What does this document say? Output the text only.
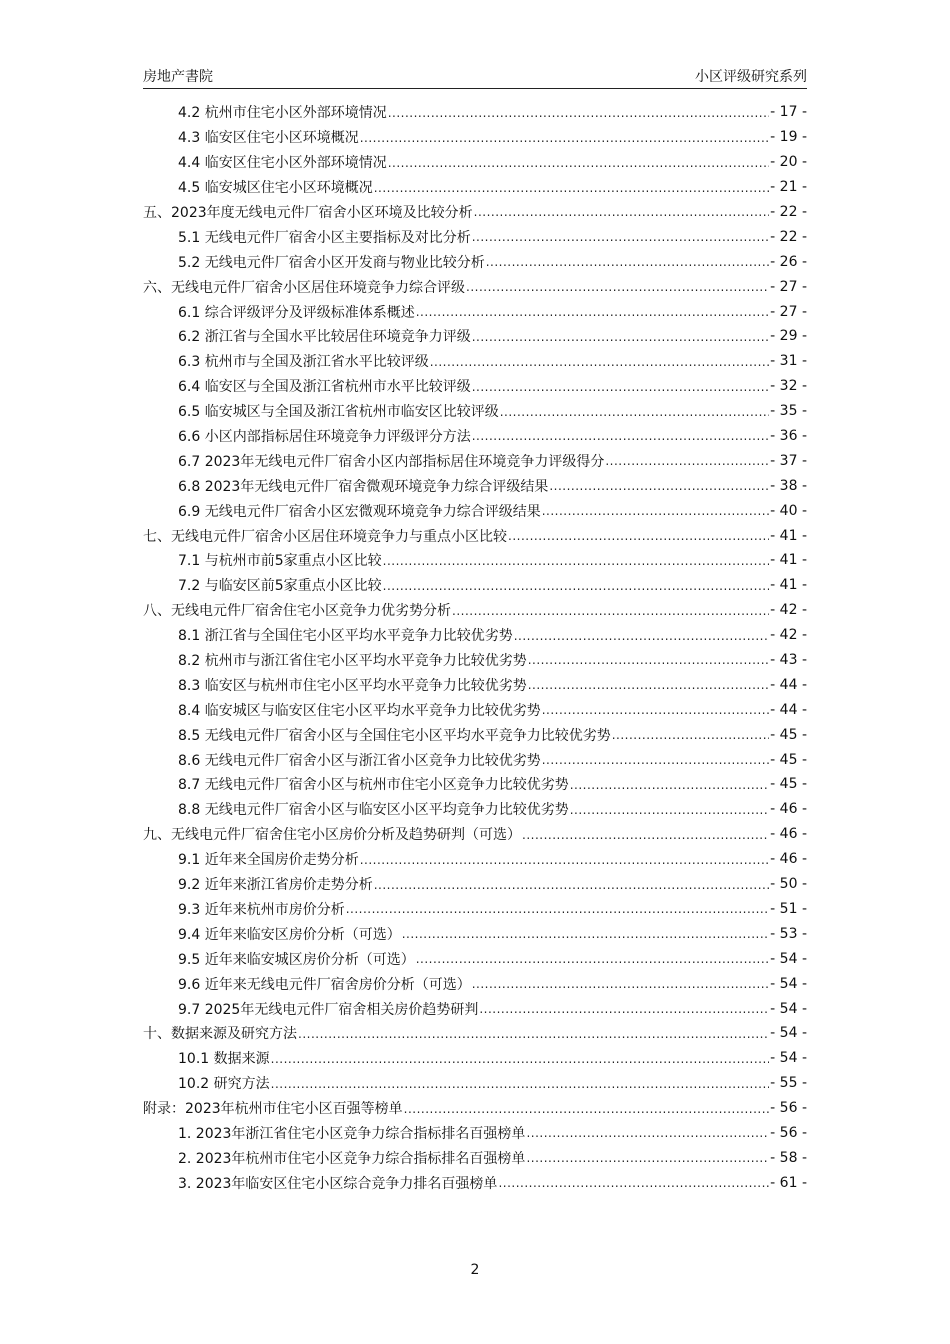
房地产書院	小区评级研究系列
4.2 杭州市住宅小区外部环境情况 .....	- 17 -
4.3 临安区住宅小区环境概况 .....	- 19 -
4.4 临安区住宅小区外部环境情况 .....	- 20 -
4.5 临安城区住宅小区环境概况 .....	- 21 -
五、2023年度无线电元件厂宿舍小区环境及比较分析 .....	- 22 -
5.1 无线电元件厂宿舍小区主要指标及对比分析 .....	- 22 -
5.2 无线电元件厂宿舍小区开发商与物业比较分析 .....	- 26 -
六、无线电元件厂宿舍小区居住环境竞争力综合评级 .....	- 27 -
6.1 综合评级评分及评级标准体系概述 .....	- 27 -
6.2 浙江省与全国水平比较居住环境竞争力评级 .....	- 29 -
6.3 杭州市与全国及浙江省水平比较评级 .....	- 31 -
6.4 临安区与全国及浙江省杭州市水平比较评级 .....	- 32 -
6.5 临安城区与全国及浙江省杭州市临安区比较评级 .....	- 35 -
6.6 小区内部指标居住环境竞争力评级评分方法 .....	- 36 -
6.7 2023年无线电元件厂宿舍小区内部指标居住环境竞争力评级得分 .....	- 37 -
6.8 2023年无线电元件厂宿舍微观环境竞争力综合评级结果 .....	- 38 -
6.9 无线电元件厂宿舍小区宏微观环境竞争力综合评级结果 .....	- 40 -
七、无线电元件厂宿舍小区居住环境竞争力与重点小区比较 .....	- 41 -
7.1 与杭州市前5家重点小区比较 .....	- 41 -
7.2 与临安区前5家重点小区比较 .....	- 41 -
八、无线电元件厂宿舍住宅小区竞争力优劣势分析 .....	- 42 -
8.1 浙江省与全国住宅小区平均水平竞争力比较优劣势 .....	- 42 -
8.2 杭州市与浙江省住宅小区平均水平竞争力比较优劣势 .....	- 43 -
8.3 临安区与杭州市住宅小区平均水平竞争力比较优劣势 .....	- 44 -
8.4 临安城区与临安区住宅小区平均水平竞争力比较优劣势 .....	- 44 -
8.5 无线电元件厂宿舍小区与全国住宅小区平均水平竞争力比较优劣势 .....	- 45 -
8.6 无线电元件厂宿舍小区与浙江省小区竞争力比较优劣势 .....	- 45 -
8.7 无线电元件厂宿舍小区与杭州市住宅小区竞争力比较优劣势 .....	- 45 -
8.8 无线电元件厂宿舍小区与临安区小区平均竞争力比较优劣势 .....	- 46 -
九、无线电元件厂宿舍住宅小区房价分析及趋势研判（可选） .....	- 46 -
9.1 近年来全国房价走势分析 .....	- 46 -
9.2 近年来浙江省房价走势分析 .....	- 50 -
9.3 近年来杭州市房价分析 .....	- 51 -
9.4 近年来临安区房价分析（可选） .....	- 53 -
9.5 近年来临安城区房价分析（可选） .....	- 54 -
9.6 近年来无线电元件厂宿舍房价分析（可选） .....	- 54 -
9.7 2025年无线电元件厂宿舍相关房价趋势研判 .....	- 54 -
十、数据来源及研究方法 .....	- 54 -
10.1 数据来源 .....	- 54 -
10.2 研究方法 .....	- 55 -
附录：2023年杭州市住宅小区百强等榜单 .....	- 56 -
1. 2023年浙江省住宅小区竞争力综合指标排名百强榜单 .....	- 56 -
2. 2023年杭州市住宅小区竞争力综合指标排名百强榜单 .....	- 58 -
3. 2023年临安区住宅小区综合竞争力排名百强榜单 .....	- 61 -
2
